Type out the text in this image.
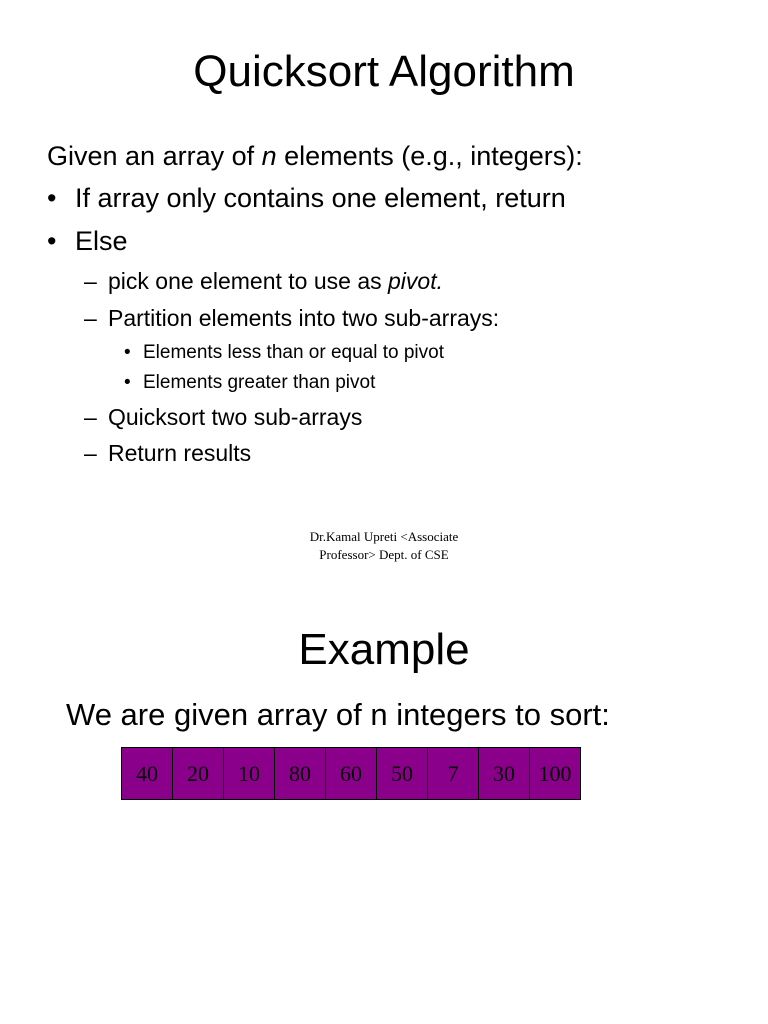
Quicksort Algorithm
Given an array of n elements (e.g., integers):
• If array only contains one element, return
• Else
– pick one element to use as pivot.
– Partition elements into two sub-arrays:
• Elements less than or equal to pivot
• Elements greater than pivot
– Quicksort two sub-arrays
– Return results
Dr.Kamal Upreti <Associate
Professor> Dept. of CSE
Example
We are given array of n integers to sort:
40	20	10	80	60	50	7	30	100
